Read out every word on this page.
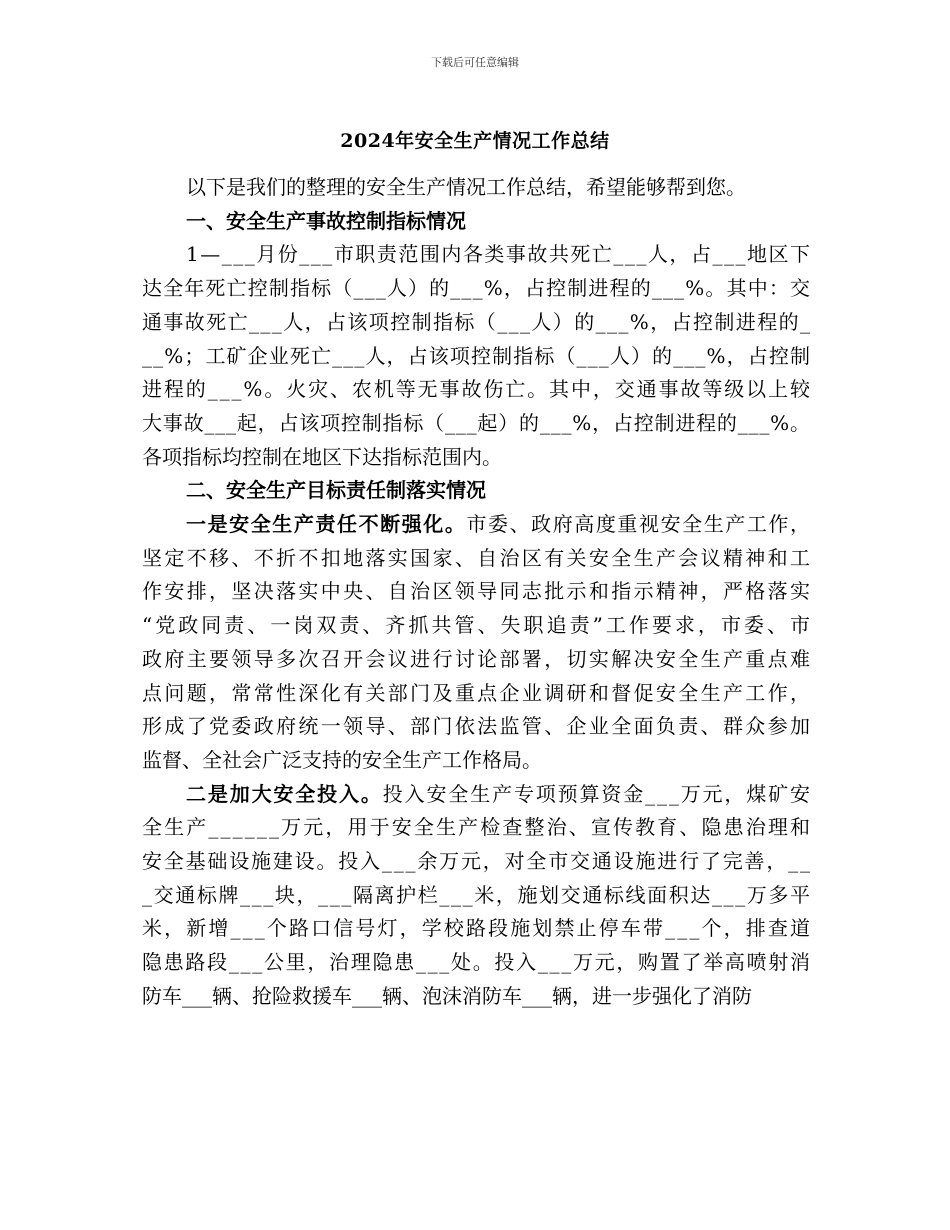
下载后可任意编辑
2024年安全生产情况工作总结
以下是我们的整理的安全生产情况工作总结，希望能够帮到您。
一、安全生产事故控制指标情况
1—___月份___市职责范围内各类事故共死亡___人，占___地区下
达全年死亡控制指标（___人）的___%，占控制进程的___%。其中：交
通事故死亡___人，占该项控制指标（___人）的___%，占控制进程的_
__%；工矿企业死亡___人，占该项控制指标（___人）的___%，占控制
进程的___%。火灾、农机等无事故伤亡。其中，交通事故等级以上较
大事故___起，占该项控制指标（___起）的___%，占控制进程的___%。
各项指标均控制在地区下达指标范围内。
二、安全生产目标责任制落实情况
一是安全生产责任不断强化。市委、政府高度重视安全生产工作，
坚定不移、不折不扣地落实国家、自治区有关安全生产会议精神和工
作安排，坚决落实中央、自治区领导同志批示和指示精神，严格落实
“党政同责、一岗双责、齐抓共管、失职追责”工作要求，市委、市
政府主要领导多次召开会议进行讨论部署，切实解决安全生产重点难
点问题，常常性深化有关部门及重点企业调研和督促安全生产工作，
形成了党委政府统一领导、部门依法监管、企业全面负责、群众参加
监督、全社会广泛支持的安全生产工作格局。
二是加大安全投入。投入安全生产专项预算资金___万元，煤矿安
全生产______万元，用于安全生产检查整治、宣传教育、隐患治理和
安全基础设施建设。投入___余万元，对全市交通设施进行了完善，__
_交通标牌___块，___隔离护栏___米，施划交通标线面积达___万多平
米，新增___个路口信号灯，学校路段施划禁止停车带___个，排查道
隐患路段___公里，治理隐患___处。投入___万元，购置了举高喷射消
防车___辆、抢险救援车___辆、泡沫消防车___辆，进一步强化了消防
